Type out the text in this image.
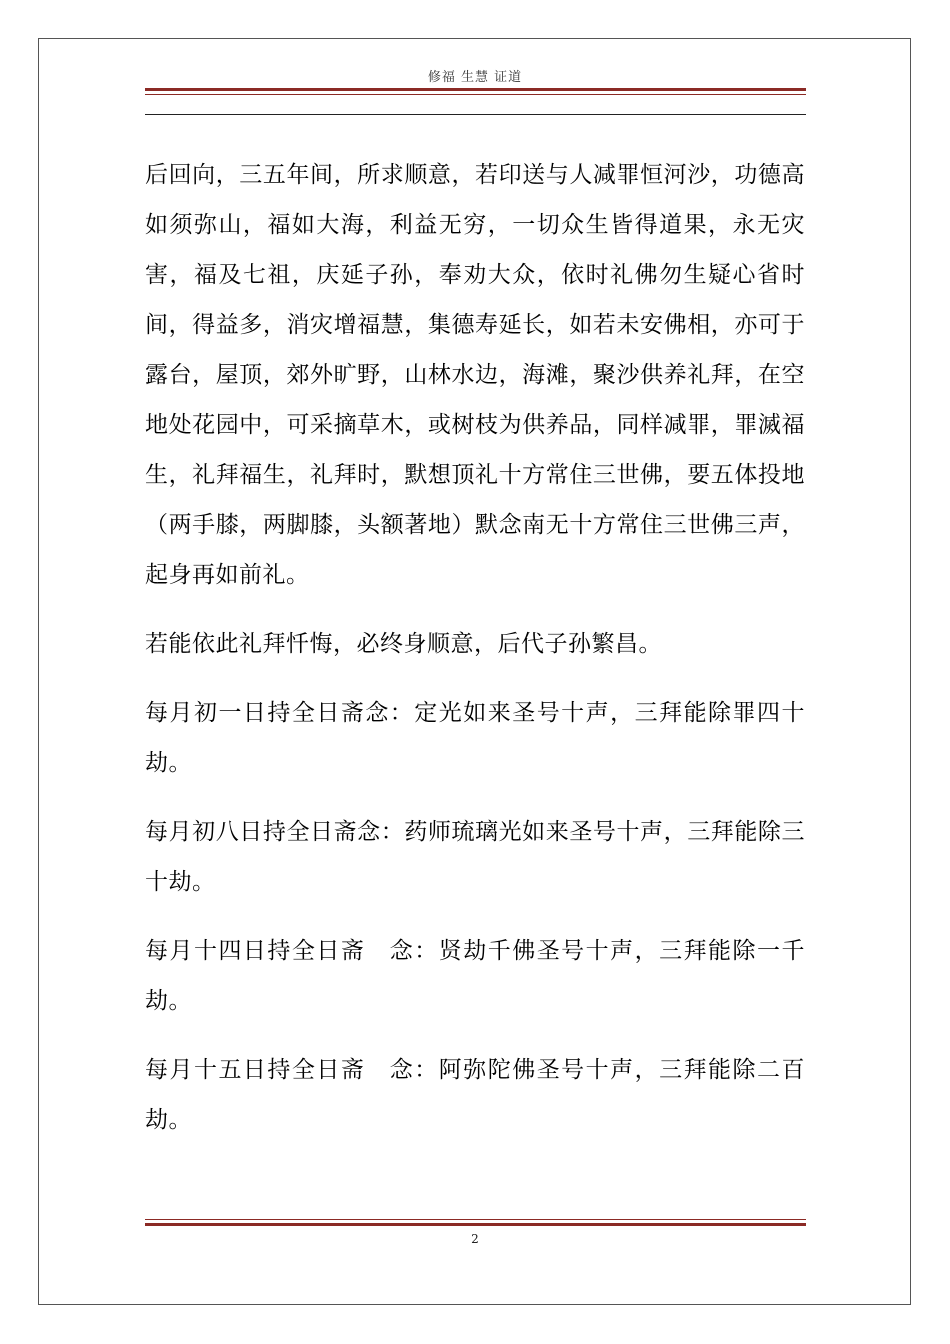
修福 生慧 证道

后回向，三五年间，所求顺意，若印送与人减罪恒河沙，功德高如须弥山，福如大海，利益无穷，一切众生皆得道果，永无灾害，福及七祖，庆延子孙，奉劝大众，依时礼佛勿生疑心省时间，得益多，消灾增福慧，集德寿延长，如若未安佛相，亦可于露台，屋顶，郊外旷野，山林水边，海滩，聚沙供养礼拜，在空地处花园中，可采摘草木，或树枝为供养品，同样减罪，罪滅福生，礼拜福生，礼拜时，默想顶礼十方常住三世佛，要五体投地（两手膝，两脚膝，头额著地）默念南无十方常住三世佛三声，起身再如前礼。

若能依此礼拜忏悔，必终身顺意，后代子孙繁昌。

每月初一日持全日斋念：定光如来圣号十声，三拜能除罪四十劫。

每月初八日持全日斋念：药师琉璃光如来圣号十声，三拜能除三十劫。

每月十四日持全日斋　念：贤劫千佛圣号十声，三拜能除一千劫。

每月十五日持全日斋　念：阿弥陀佛圣号十声，三拜能除二百劫。

2
